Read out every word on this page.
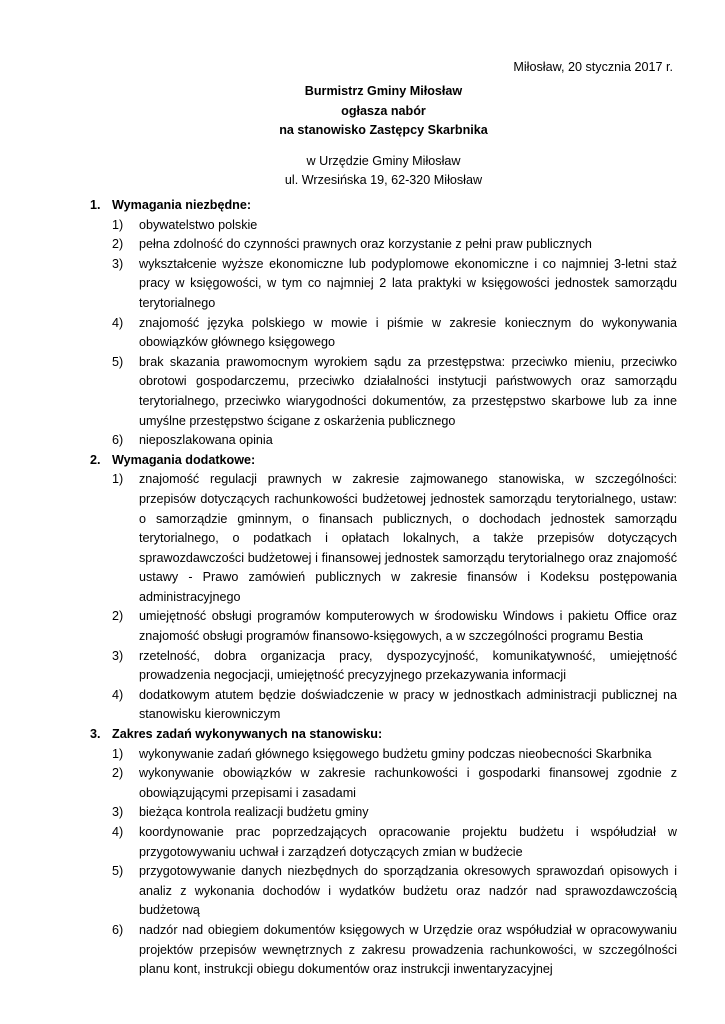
Miłosław, 20 stycznia 2017 r.
Burmistrz Gminy Miłosław
ogłasza nabór
na stanowisko Zastępcy Skarbnika
w Urzędzie Gminy Miłosław
ul. Wrzesińska 19, 62-320 Miłosław
1. Wymagania niezbędne:
1)	obywatelstwo polskie
2)	pełna zdolność do czynności prawnych oraz korzystanie z pełni praw publicznych
3)	wykształcenie wyższe ekonomiczne lub podyplomowe ekonomiczne i co najmniej 3-letni staż pracy w księgowości, w tym co najmniej 2 lata praktyki w księgowości jednostek samorządu terytorialnego
4)	znajomość języka polskiego w mowie i piśmie w zakresie koniecznym do wykonywania obowiązków głównego księgowego
5)	brak skazania prawomocnym wyrokiem sądu za przestępstwa: przeciwko mieniu, przeciwko obrotowi gospodarczemu, przeciwko działalności instytucji państwowych oraz samorządu terytorialnego, przeciwko wiarygodności dokumentów, za przestępstwo skarbowe lub za inne umyślne przestępstwo ścigane z oskarżenia publicznego
6)	nieposzlakowana opinia
2. Wymagania dodatkowe:
1)	znajomość regulacji prawnych w zakresie zajmowanego stanowiska, w szczególności: przepisów dotyczących rachunkowości budżetowej jednostek samorządu terytorialnego, ustaw: o samorządzie gminnym, o finansach publicznych, o dochodach jednostek samorządu terytorialnego, o podatkach i opłatach lokalnych, a także przepisów dotyczących sprawozdawczości budżetowej i finansowej jednostek samorządu terytorialnego oraz znajomość ustawy - Prawo zamówień publicznych w zakresie finansów i Kodeksu postępowania administracyjnego
2)	umiejętność obsługi programów komputerowych w środowisku Windows i pakietu Office oraz znajomość obsługi programów finansowo-księgowych, a w szczególności programu Bestia
3)	rzetelność, dobra organizacja pracy, dyspozycyjność, komunikatywność, umiejętność prowadzenia negocjacji, umiejętność precyzyjnego przekazywania informacji
4)	dodatkowym atutem będzie doświadczenie w pracy w jednostkach administracji publicznej na stanowisku kierowniczym
3. Zakres zadań wykonywanych na stanowisku:
1)	wykonywanie zadań głównego księgowego budżetu gminy podczas nieobecności Skarbnika
2)	wykonywanie obowiązków w zakresie rachunkowości i gospodarki finansowej zgodnie z obowiązującymi przepisami i zasadami
3)	bieżąca kontrola realizacji budżetu gminy
4)	koordynowanie prac poprzedzających opracowanie projektu budżetu i współudział w przygotowywaniu uchwał i zarządzeń dotyczących zmian w budżecie
5)	przygotowywanie danych niezbędnych do sporządzania okresowych sprawozdań opisowych i analiz z wykonania dochodów i wydatków budżetu oraz nadzór nad sprawozdawczością budżetową
6)	nadzór nad obiegiem dokumentów księgowych w Urzędzie oraz współudział w opracowywaniu projektów przepisów wewnętrznych z zakresu prowadzenia rachunkowości, w szczególności planu kont, instrukcji obiegu dokumentów oraz instrukcji inwentaryzacyjnej
